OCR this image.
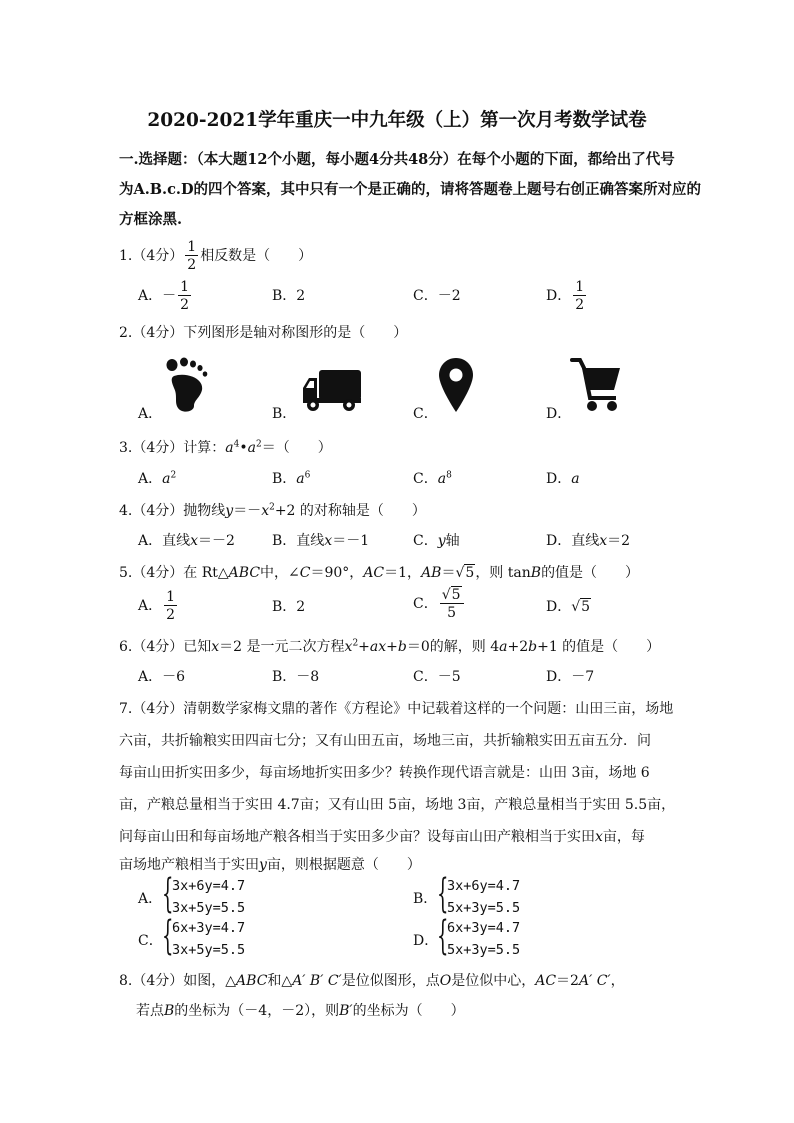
2020-2021学年重庆一中九年级（上）第一次月考数学试卷
一.选择题：（本大题12个小题，每小题4分共48分）在每个小题的下面，都给出了代号
为A.B.c.D的四个答案，其中只有一个是正确的，请将答题卷上题号右创正确答案所对应的
方框涂黑.
1.（4分） $\frac{1}{2}$ 相反数是（　　）
A．－ $\frac{1}{2}$	B．2	C．－2	D． $\frac{1}{2}$
2.（4分）下列图形是轴对称图形的是（　　）
A．	B．	C．	D．
3.（4分）计算：$a^4•a^2=$（　　）
A．$a^2$	B．$a^6$	C．$a^8$	D．a
4.（4分）抛物线$y=-x^2+2$ 的对称轴是（　　）
A．直线x＝－2	B．直线x＝－1	C．y轴	D．直线x＝2
5.（4分）在 Rt△ABC中，∠C＝90°，AC＝1，AB＝√5，则 tanB的值是（　　）
A． $\frac{1}{2}$	B．2	C． $\frac{√5}{5}$	D．√5
6.（4分）已知x＝2 是一元二次方程$x^2+ax+b=0$的解，则 4a+2b+1 的值是（　　）
A．－6	B．－8	C．－5	D．－7
7.（4分）清朝数学家梅文鼎的著作《方程论》中记载着这样的一个问题：山田三亩，场地
六亩，共折输粮实田四亩七分；又有山田五亩，场地三亩，共折输粮实田五亩五分．问
每亩山田折实田多少，每亩场地折实田多少？转换作现代语言就是：山田 3亩，场地 6
亩，产粮总量相当于实田 4.7亩；又有山田 5亩，场地 3亩，产粮总量相当于实田 5.5亩，
问每亩山田和每亩场地产粮各相当于实田多少亩？设每亩山田产粮相当于实田x亩，每
亩场地产粮相当于实田y亩，则根据题意（　　）
A． {
3x+6y=4.7
3x+5y=5.5
B． {
3x+6y=4.7
5x+3y=5.5
C． {
6x+3y=4.7
3x+5y=5.5
D．
{
6x+3y=4.7
5x+3y=5.5
8.（4分）如图，△ABC和△A′ B′ C′是位似图形，点O是位似中心，AC＝2A′ C′，
若点B的坐标为（－4，－2），则B′的坐标为（　　）
